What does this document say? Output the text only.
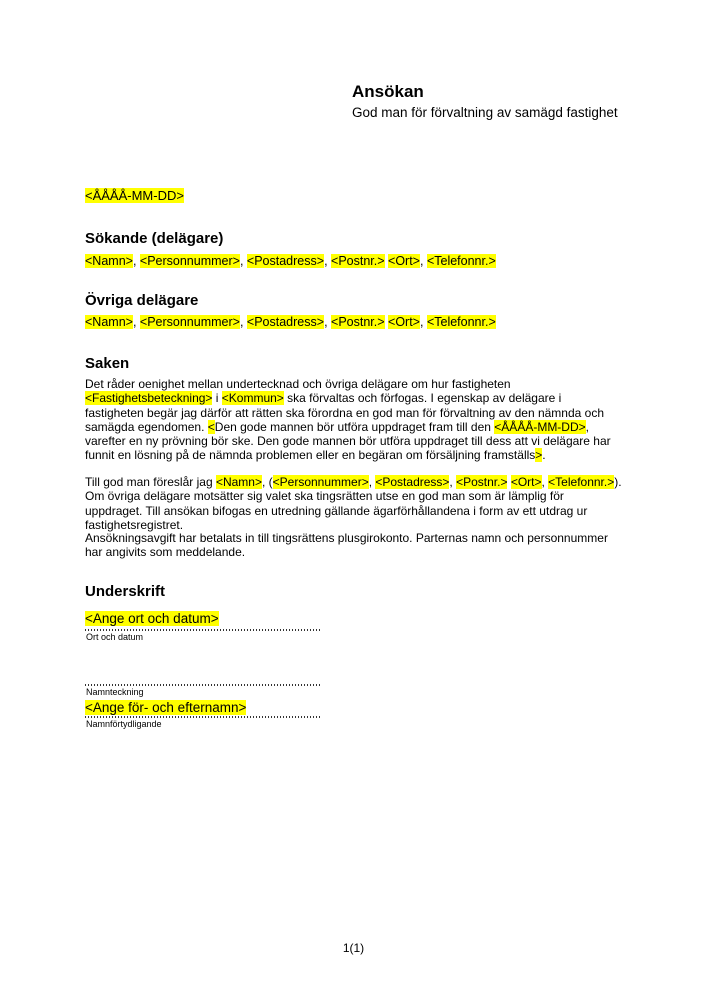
Ansökan
God man för förvaltning av samägd fastighet
<ÅÅÅÅ-MM-DD>
Sökande (delägare)
<Namn>, <Personnummer>, <Postadress>, <Postnr.> <Ort>, <Telefonnr.>
Övriga delägare
<Namn>, <Personnummer>, <Postadress>, <Postnr.> <Ort>, <Telefonnr.>
Saken

Det råder oenighet mellan undertecknad och övriga delägare om hur fastigheten <Fastighetsbeteckning> i <Kommun> ska förvaltas och förfogas. I egenskap av delägare i fastigheten begär jag därför att rätten ska förordna en god man för förvaltning av den nämnda och samägda egendomen. <Den gode mannen bör utföra uppdraget fram till den <ÅÅÅÅ-MM-DD>, varefter en ny prövning bör ske. Den gode mannen bör utföra uppdraget till dess att vi delägare har funnit en lösning på de nämnda problemen eller en begäran om försäljning framställs>.

Till god man föreslår jag <Namn>, (<Personnummer>, <Postadress>, <Postnr.> <Ort>, <Telefonnr.>). Om övriga delägare motsätter sig valet ska tingsrätten utse en god man som är lämplig för uppdraget. Till ansökan bifogas en utredning gällande ägarförhållandena i form av ett utdrag ur fastighetsregistret.

Ansökningsavgift har betalats in till tingsrättens plusgirokonto. Parternas namn och personnummer har angivits som meddelande.

Underskrift
<Ange ort och datum>
Ort och datum
Namnteckning
<Ange för- och efternamn>
Namnförtydligande
1(1)
